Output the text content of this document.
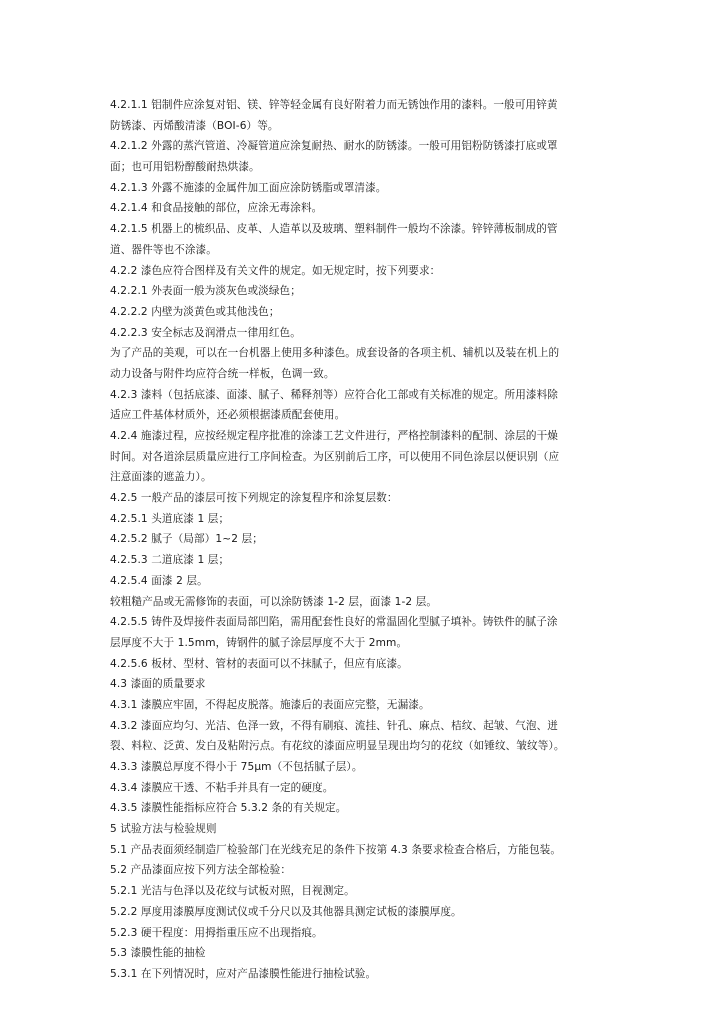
4.2.1.1 铝制件应涂复对铝、镁、锌等轻金属有良好附着力而无锈蚀作用的漆料。一般可用锌黄
防锈漆、丙烯酸清漆（BOI-6）等。
4.2.1.2 外露的蒸汽管道、冷凝管道应涂复耐热、耐水的防锈漆。一般可用铝粉防锈漆打底或罩
面；也可用铝粉醇酸耐热烘漆。
4.2.1.3 外露不施漆的金属件加工面应涂防锈脂或罩清漆。
4.2.1.4 和食品接触的部位，应涂无毒涂料。
4.2.1.5 机器上的梳织品、皮革、人造革以及玻璃、塑料制件一般均不涂漆。锌锌薄板制成的管
道、器件等也不涂漆。
4.2.2 漆色应符合图样及有关文件的规定。如无规定时，按下列要求：
4.2.2.1 外表面一般为淡灰色或淡绿色；
4.2.2.2 内壁为淡黄色或其他浅色；
4.2.2.3 安全标志及润滑点一律用红色。
为了产品的美观，可以在一台机器上使用多种漆色。成套设备的各项主机、辅机以及装在机上的
动力设备与附件均应符合统一样板，色调一致。
4.2.3 漆料（包括底漆、面漆、腻子、稀释剂等）应符合化工部或有关标准的规定。所用漆料除
适应工件基体材质外，还必须根据漆质配套使用。
4.2.4 施漆过程，应按经规定程序批准的涂漆工艺文件进行，严格控制漆料的配制、涂层的干燥
时间。对各道涂层质量应进行工序间检查。为区别前后工序，可以使用不同色涂层以便识别（应
注意面漆的遮盖力）。
4.2.5 一般产品的漆层可按下列规定的涂复程序和涂复层数：
4.2.5.1 头道底漆 1 层；
4.2.5.2 腻子（局部）1~2 层；
4.2.5.3 二道底漆 1 层；
4.2.5.4 面漆 2 层。
较粗糙产品或无需修饰的表面，可以涂防锈漆 1-2 层，面漆 1-2 层。
4.2.5.5 铸件及焊接件表面局部凹陷，需用配套性良好的常温固化型腻子填补。铸铁件的腻子涂
层厚度不大于 1.5mm，铸钢件的腻子涂层厚度不大于 2mm。
4.2.5.6 板材、型材、管材的表面可以不抹腻子，但应有底漆。
4.3 漆面的质量要求
4.3.1 漆膜应牢固，不得起皮脱落。施漆后的表面应完整，无漏漆。
4.3.2 漆面应均匀、光洁、色泽一致，不得有刷痕、流挂、针孔、麻点、桔纹、起皱、气泡、迸
裂、料粒、泛黄、发白及粘附污点。有花纹的漆面应明显呈现出均匀的花纹（如锤纹、皱纹等）。
4.3.3 漆膜总厚度不得小于 75μm（不包括腻子层）。
4.3.4 漆膜应干透、不粘手并具有一定的硬度。
4.3.5 漆膜性能指标应符合 5.3.2 条的有关规定。
5 试验方法与检验规则
5.1 产品表面须经制造厂检验部门在光线充足的条件下按第 4.3 条要求检查合格后，方能包装。
5.2 产品漆面应按下列方法全部检验：
5.2.1 光洁与色泽以及花纹与试板对照，目视测定。
5.2.2 厚度用漆膜厚度测试仪或千分尺以及其他器具测定试板的漆膜厚度。
5.2.3 硬干程度：用拇指重压应不出现指痕。
5.3 漆膜性能的抽检
5.3.1 在下列情况时，应对产品漆膜性能进行抽检试验。
